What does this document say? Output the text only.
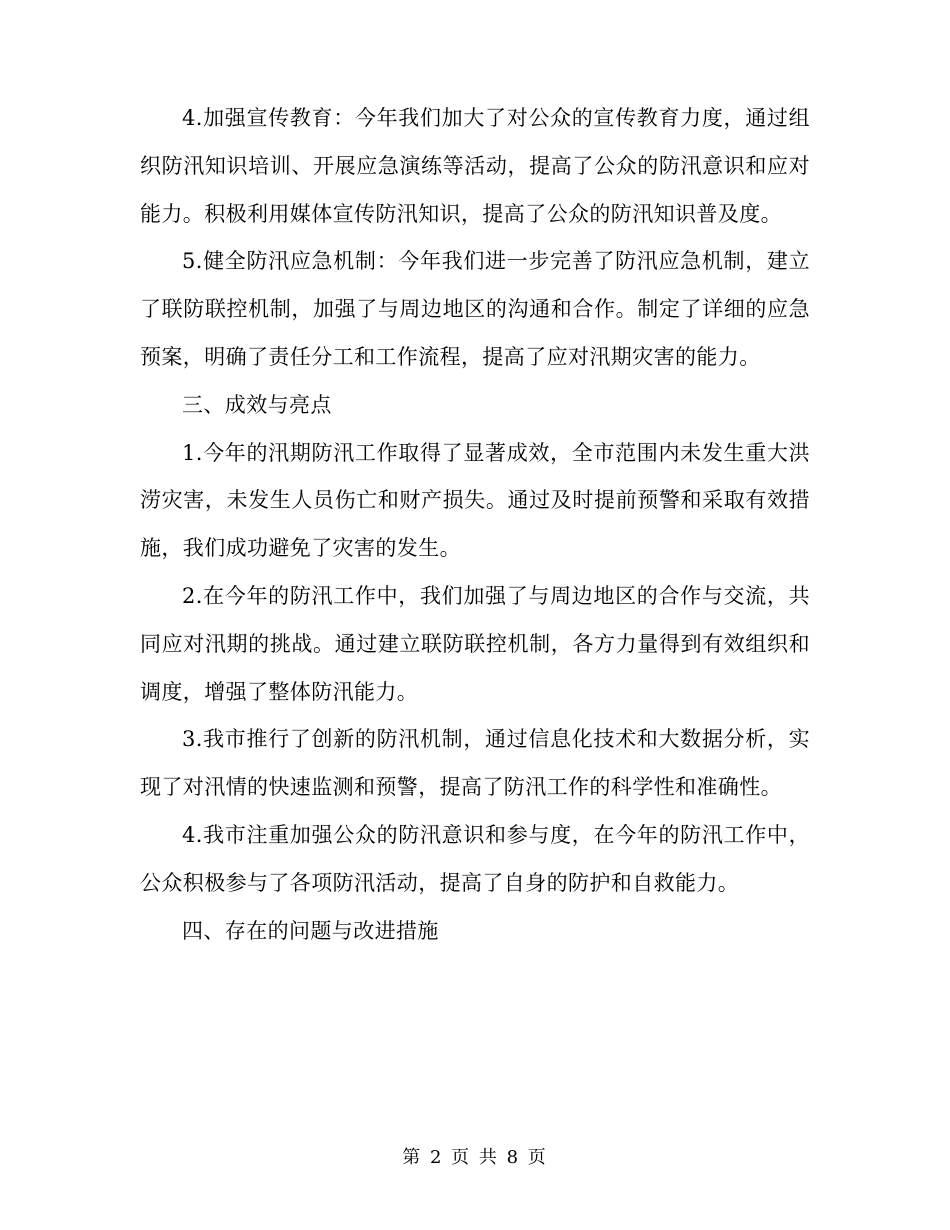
4.加强宣传教育：今年我们加大了对公众的宣传教育力度，通过组织防汛知识培训、开展应急演练等活动，提高了公众的防汛意识和应对能力。积极利用媒体宣传防汛知识，提高了公众的防汛知识普及度。

5.健全防汛应急机制：今年我们进一步完善了防汛应急机制，建立了联防联控机制，加强了与周边地区的沟通和合作。制定了详细的应急预案，明确了责任分工和工作流程，提高了应对汛期灾害的能力。

三、成效与亮点

1.今年的汛期防汛工作取得了显著成效，全市范围内未发生重大洪涝灾害，未发生人员伤亡和财产损失。通过及时提前预警和采取有效措施，我们成功避免了灾害的发生。

2.在今年的防汛工作中，我们加强了与周边地区的合作与交流，共同应对汛期的挑战。通过建立联防联控机制，各方力量得到有效组织和调度，增强了整体防汛能力。

3.我市推行了创新的防汛机制，通过信息化技术和大数据分析，实现了对汛情的快速监测和预警，提高了防汛工作的科学性和准确性。

4.我市注重加强公众的防汛意识和参与度，在今年的防汛工作中，公众积极参与了各项防汛活动，提高了自身的防护和自救能力。

四、存在的问题与改进措施

第 2 页 共 8 页
